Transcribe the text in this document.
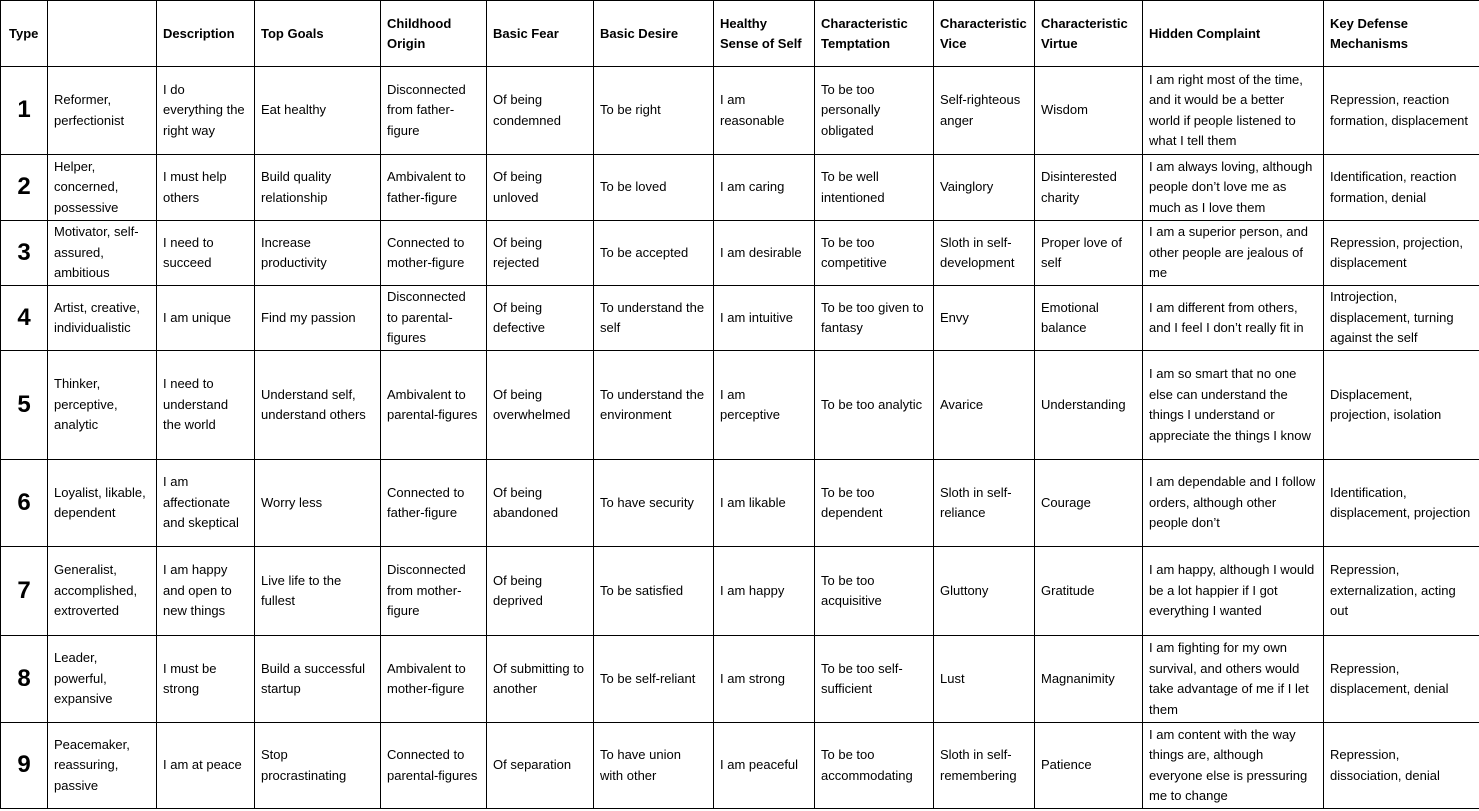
Type		Description	Top Goals	Childhood Origin	Basic Fear	Basic Desire	Healthy Sense of Self	Characteristic Temptation	Characteristic Vice	Characteristic Virtue	Hidden Complaint	Key Defense Mechanisms
1	Reformer, perfectionist	I do everything the right way	Eat healthy	Disconnected from father-figure	Of being condemned	To be right	I am reasonable	To be too personally obligated	Self-righteous anger	Wisdom	I am right most of the time, and it would be a better world if people listened to what I tell them	Repression, reaction formation, displacement
2	Helper, concerned, possessive	I must help others	Build quality relationship	Ambivalent to father-figure	Of being unloved	To be loved	I am caring	To be well intentioned	Vainglory	Disinterested charity	I am always loving, although people don’t love me as much as I love them	Identification, reaction formation, denial
3	Motivator, self-assured, ambitious	I need to succeed	Increase productivity	Connected to mother-figure	Of being rejected	To be accepted	I am desirable	To be too competitive	Sloth in self-development	Proper love of self	I am a superior person, and other people are jealous of me	Repression, projection, displacement
4	Artist, creative, individualistic	I am unique	Find my passion	Disconnected to parental-figures	Of being defective	To understand the self	I am intuitive	To be too given to fantasy	Envy	Emotional balance	I am different from others, and I feel I don’t really fit in	Introjection, displacement, turning against the self
5	Thinker, perceptive, analytic	I need to understand the world	Understand self, understand others	Ambivalent to parental-figures	Of being overwhelmed	To understand the environment	I am perceptive	To be too analytic	Avarice	Understanding	I am so smart that no one else can understand the things I understand or appreciate the things I know	Displacement, projection, isolation
6	Loyalist, likable, dependent	I am affectionate and skeptical	Worry less	Connected to father-figure	Of being abandoned	To have security	I am likable	To be too dependent	Sloth in self-reliance	Courage	I am dependable and I follow orders, although other people don’t	Identification, displacement, projection
7	Generalist, accomplished, extroverted	I am happy and open to new things	Live life to the fullest	Disconnected from mother-figure	Of being deprived	To be satisfied	I am happy	To be too acquisitive	Gluttony	Gratitude	I am happy, although I would be a lot happier if I got everything I wanted	Repression, externalization, acting out
8	Leader, powerful, expansive	I must be strong	Build a successful startup	Ambivalent to mother-figure	Of submitting to another	To be self-reliant	I am strong	To be too self-sufficient	Lust	Magnanimity	I am fighting for my own survival, and others would take advantage of me if I let them	Repression, displacement, denial
9	Peacemaker, reassuring, passive	I am at peace	Stop procrastinating	Connected to parental-figures	Of separation	To have union with other	I am peaceful	To be too accommodating	Sloth in self-remembering	Patience	I am content with the way things are, although everyone else is pressuring me to change	Repression, dissociation, denial
